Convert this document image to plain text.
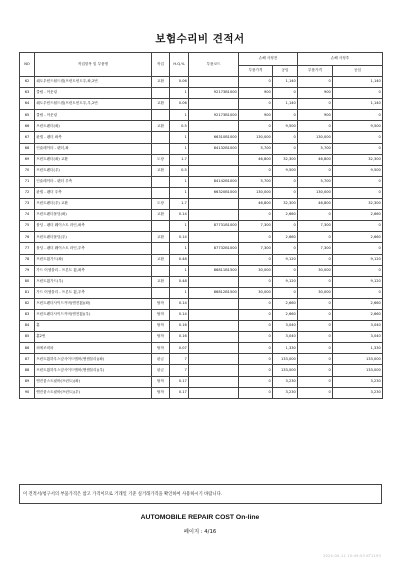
보험수리비 견적서
NO	작업항목 및 부품명	작업	H.Q.%	부품코드	손해 사정전		손해 사정후	
					부품가격	공임	부품가격	공임
62	쉐도우윈드쉴드캡(프런트윈도우,좌,2번	교환	0.06		0	1,140	0	1,140
63	클립 - 아웃링		1	92173B1000	900	0	900	0
64	쉐도우윈드쉴드캡(프런트윈도우,우,2번	교환	0.06		0	1,140	0	1,140
65	클립 - 아웃링		1	92173B1000	900	0	900	0
66	프런트펜더(좌)	교환	0.5		0	9,500	0	9,500
67	판넬 - 펜더 좌측		1	66310B1000	130,000	0	130,000	0
68	인슐레이터 - 펜더,좌		1	84132B1000	5,700	0	5,700	0
69	프런트펜더(좌) 교환	도장	1.7		46,800	32,300	46,800	32,300
70	프런트펜더(우)	교환	0.5		0	9,500	0	9,500
71	인슐레이터 - 펜더 우측		1	84142B1000	5,700	0	5,700	0
72	판넬 - 펜더 우측		1	66320B1000	130,000	0	130,000	0
73	프런트펜더(우) 교환	도장	1.7		46,800	32,300	46,800	32,300
74	프런트펜더몰딩(좌)	교환	0.14		0	2,660	0	2,660
75	몰딩 - 펜더 웨이스트 라인,좌측		1	87731B1000	7,300	0	7,300	0
76	프런트펜더몰딩(우)	교환	0.14		0	2,660	0	2,660
77	몰딩 - 펜더 웨이스트 라인,우측		1	87732B1000	7,300	0	7,300	0
78	프런트휠가드(좌)	교환	0.48		0	9,120	0	9,120
79	가드 어셈블리 - 프론트 휠,좌측		1	86811B1500	30,000	0	30,000	0
80	프런트휠가드(우)	교환	0.48		0	9,120	0	9,120
81	가드 어셈블리 - 프론트 휠,우측		1	86812B1500	30,000	0	30,000	0
82	프런트펜더사이드커버(앤전휠)(좌)	탈착	0.14		0	2,660	0	2,660
83	프런트펜더사이드커버(앤전휠)(우)	탈착	0.14		0	2,660	0	2,660
84	훈	탈착	0.16		0	3,040	0	3,040
85	훈2번	탈착	0.16		0	3,040	0	3,040
86	외에조비파	탈착	0.07		0	1,330	0	1,330
87	프런트휠하우스앞사이드멤버(앤셈블리)(좌)	판금	7		0	133,000	0	133,000
88	프런트휠하우스앞사이드멤버(앤셈블리)(우)	판금	7		0	133,000	0	133,000
89	엔진룸스트럿바(프런트)(좌)	탈착	0.17		0	3,230	0	3,230
90	엔진룸스트럿바(프런트)(우)	탈착	0.17		0	3,230	0	3,230
이 견적서/청구서의 부품가격은 참고 가격이므로 거래일 기준 실거래가격을 확인하여 사용하시기 바랍니다.
AUTOMOBILE REPAIR COST On-line
페이지 : 4/16
2024-00-11 15:49:53 KT1193
